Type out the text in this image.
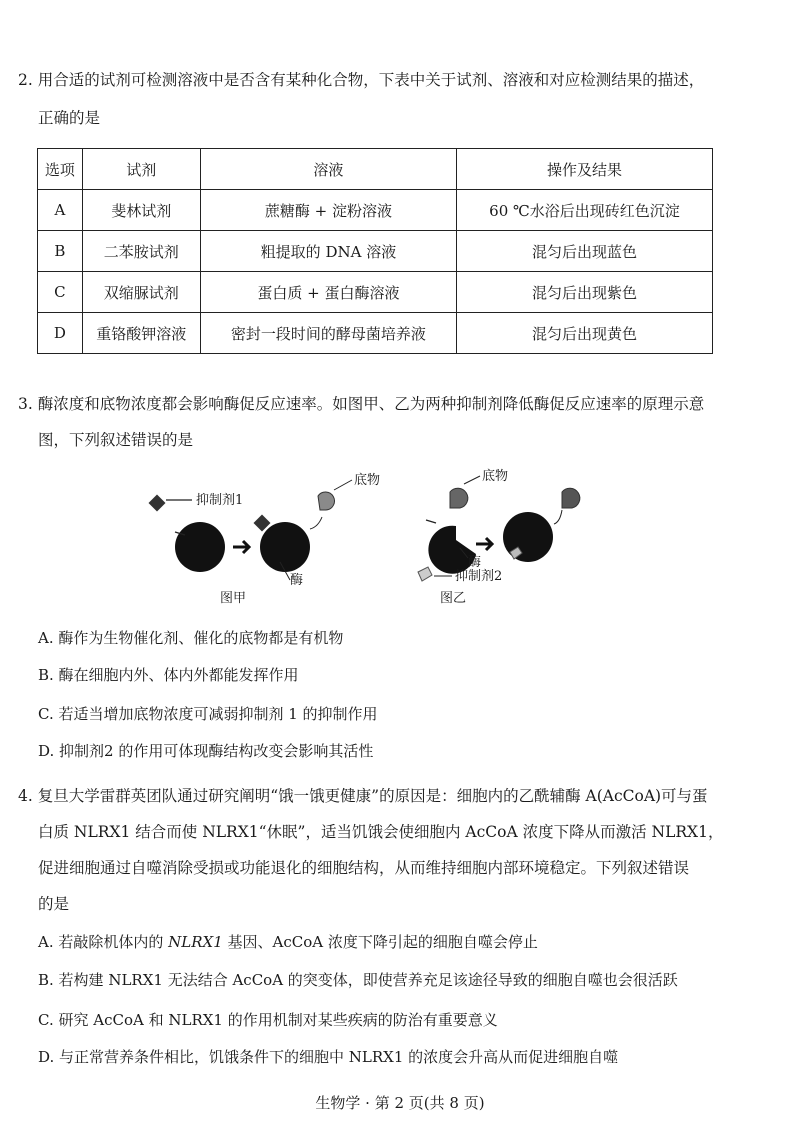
2. 用合适的试剂可检测溶液中是否含有某种化合物，下表中关于试剂、溶液和对应检测结果的描述，
正确的是
选项	试剂	溶液	操作及结果
A	斐林试剂	蔗糖酶 + 淀粉溶液	60 ℃水浴后出现砖红色沉淀
B	二苯胺试剂	粗提取的 DNA 溶液	混匀后出现蓝色
C	双缩脲试剂	蛋白质 + 蛋白酶溶液	混匀后出现紫色
D	重铬酸钾溶液	密封一段时间的酵母菌培养液	混匀后出现黄色
3. 酶浓度和底物浓度都会影响酶促反应速率。如图甲、乙为两种抑制剂降低酶促反应速率的原理示意
图，下列叙述错误的是
抑制剂1
酶
底物
图甲
底物
酶
抑制剂2
图乙
A. 酶作为生物催化剂、催化的底物都是有机物
B. 酶在细胞内外、体内外都能发挥作用
C. 若适当增加底物浓度可减弱抑制剂 1 的抑制作用
D. 抑制剂2 的作用可体现酶结构改变会影响其活性
4. 复旦大学雷群英团队通过研究阐明“饿一饿更健康”的原因是：细胞内的乙酰辅酶 A(AcCoA)可与蛋
白质 NLRX1 结合而使 NLRX1“休眠”，适当饥饿会使细胞内 AcCoA 浓度下降从而激活 NLRX1，
促进细胞通过自噬消除受损或功能退化的细胞结构，从而维持细胞内部环境稳定。下列叙述错误
的是
A. 若敲除机体内的 NLRX1 基因、AcCoA 浓度下降引起的细胞自噬会停止
B. 若构建 NLRX1 无法结合 AcCoA 的突变体，即使营养充足该途径导致的细胞自噬也会很活跃
C. 研究 AcCoA 和 NLRX1 的作用机制对某些疾病的防治有重要意义
D. 与正常营养条件相比，饥饿条件下的细胞中 NLRX1 的浓度会升高从而促进细胞自噬
生物学 · 第 2 页(共 8 页)
